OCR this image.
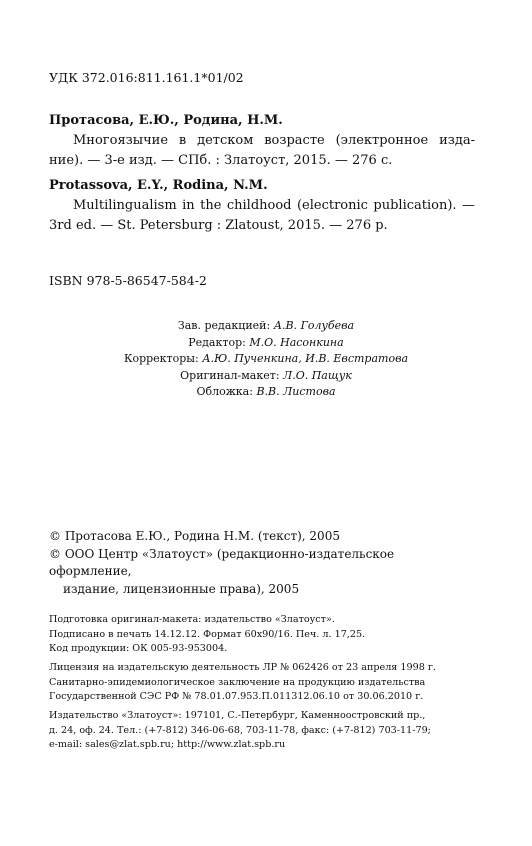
УДК 372.016:811.161.1*01/02
Протасова, Е.Ю., Родина, Н.М.
Многоязычие в детском возрасте (электронное изда-ние). — 3-е изд. — СПб. : Златоуст, 2015. — 276 с.
Protassova, E.Y., Rodina, N.M.
Multilingualism in the childhood (electronic publication). — 3rd ed. — St. Petersburg : Zlatoust, 2015. — 276 p.
ISBN 978-5-86547-584-2
Зав. редакцией: А.В. Голубева
Редактор: М.О. Насонкина
Корректоры: А.Ю. Пученкина, И.В. Евстратова
Оригинал-макет: Л.О. Пащук
Обложка: В.В. Листова
© Протасова Е.Ю., Родина Н.М. (текст), 2005
© ООО Центр «Златоуст» (редакционно-издательское оформление,
издание, лицензионные права), 2005
Подготовка оригинал-макета: издательство «Златоуст».
Подписано в печать 14.12.12. Формат 60х90/16. Печ. л. 17,25.
Код продукции: ОК 005-93-953004.
Лицензия на издательскую деятельность ЛР № 062426 от 23 апреля 1998 г.
Санитарно-эпидемиологическое заключение на продукцию издательства
Государственной СЭС РФ № 78.01.07.953.П.011312.06.10 от 30.06.2010 г.
Издательство «Златоуст»: 197101, С.-Петербург, Каменноостровский пр.,
д. 24, оф. 24. Тел.: (+7-812) 346-06-68, 703-11-78, факс: (+7-812) 703-11-79;
e-mail: sales@zlat.spb.ru; http://www.zlat.spb.ru
